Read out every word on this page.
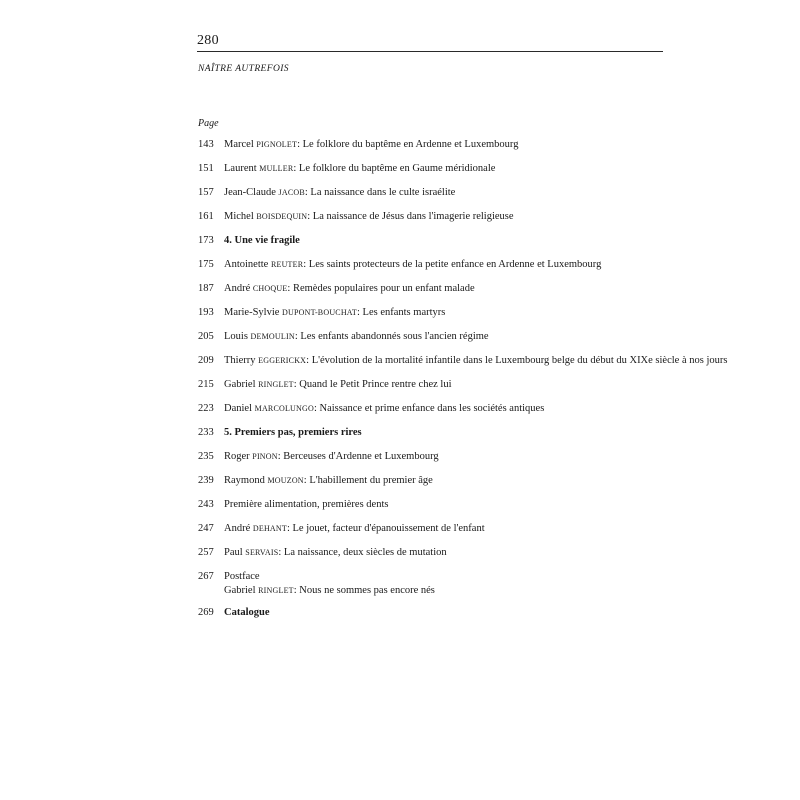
280
NAÎTRE AUTREFOIS
Page
143 Marcel PIGNOLET: Le folklore du baptême en Ardenne et Luxembourg
151 Laurent MULLER: Le folklore du baptême en Gaume méridionale
157 Jean-Claude JACOB: La naissance dans le culte israélite
161 Michel BOISDEQUIN: La naissance de Jésus dans l'imagerie religieuse
173 4. Une vie fragile
175 Antoinette REUTER: Les saints protecteurs de la petite enfance en Ardenne et Luxembourg
187 André CHOQUE: Remèdes populaires pour un enfant malade
193 Marie-Sylvie DUPONT-BOUCHAT: Les enfants martyrs
205 Louis DEMOULIN: Les enfants abandonnés sous l'ancien régime
209 Thierry EGGERICKX: L'évolution de la mortalité infantile dans le Luxembourg belge du début du XIXe siècle à nos jours
215 Gabriel RINGLET: Quand le Petit Prince rentre chez lui
223 Daniel MARCOLUNGO: Naissance et prime enfance dans les sociétés antiques
233 5. Premiers pas, premiers rires
235 Roger PINON: Berceuses d'Ardenne et Luxembourg
239 Raymond MOUZON: L'habillement du premier âge
243 Première alimentation, premières dents
247 André DEHANT: Le jouet, facteur d'épanouissement de l'enfant
257 Paul SERVAIS: La naissance, deux siècles de mutation
267 Postface
Gabriel RINGLET: Nous ne sommes pas encore nés
269 Catalogue
